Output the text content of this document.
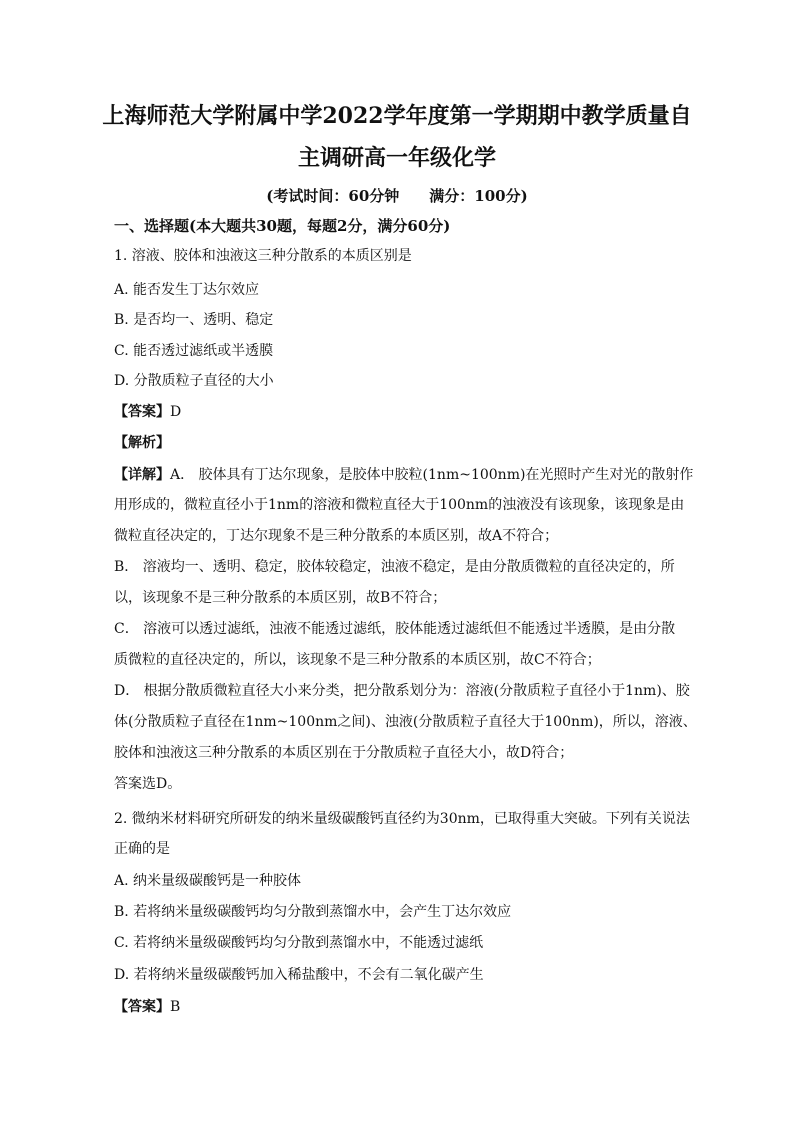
上海师范大学附属中学2022学年度第一学期期中教学质量自
主调研高一年级化学
(考试时间：60分钟　　满分：100分)
一、选择题(本大题共30题，每题2分，满分60分)
1. 溶液、胶体和浊液这三种分散系的本质区别是
A. 能否发生丁达尔效应
B. 是否均一、透明、稳定
C. 能否透过滤纸或半透膜
D. 分散质粒子直径的大小
【答案】D
【解析】
【详解】A． 胶体具有丁达尔现象，是胶体中胶粒(1nm~100nm)在光照时产生对光的散射作
用形成的，微粒直径小于1nm的溶液和微粒直径大于100nm的浊液没有该现象，该现象是由
微粒直径决定的，丁达尔现象不是三种分散系的本质区别，故A不符合；
B． 溶液均一、透明、稳定，胶体较稳定，浊液不稳定，是由分散质微粒的直径决定的，所
以，该现象不是三种分散系的本质区别，故B不符合；
C． 溶液可以透过滤纸，浊液不能透过滤纸，胶体能透过滤纸但不能透过半透膜，是由分散
质微粒的直径决定的，所以，该现象不是三种分散系的本质区别，故C不符合；
D． 根据分散质微粒直径大小来分类，把分散系划分为：溶液(分散质粒子直径小于1nm)、胶
体(分散质粒子直径在1nm~100nm之间)、浊液(分散质粒子直径大于100nm)，所以，溶液、
胶体和浊液这三种分散系的本质区别在于分散质粒子直径大小，故D符合；
答案选D。
2. 微纳米材料研究所研发的纳米量级碳酸钙直径约为30nm，已取得重大突破。下列有关说法
正确的是
A. 纳米量级碳酸钙是一种胶体
B. 若将纳米量级碳酸钙均匀分散到蒸馏水中，会产生丁达尔效应
C. 若将纳米量级碳酸钙均匀分散到蒸馏水中，不能透过滤纸
D. 若将纳米量级碳酸钙加入稀盐酸中，不会有二氧化碳产生
【答案】B
